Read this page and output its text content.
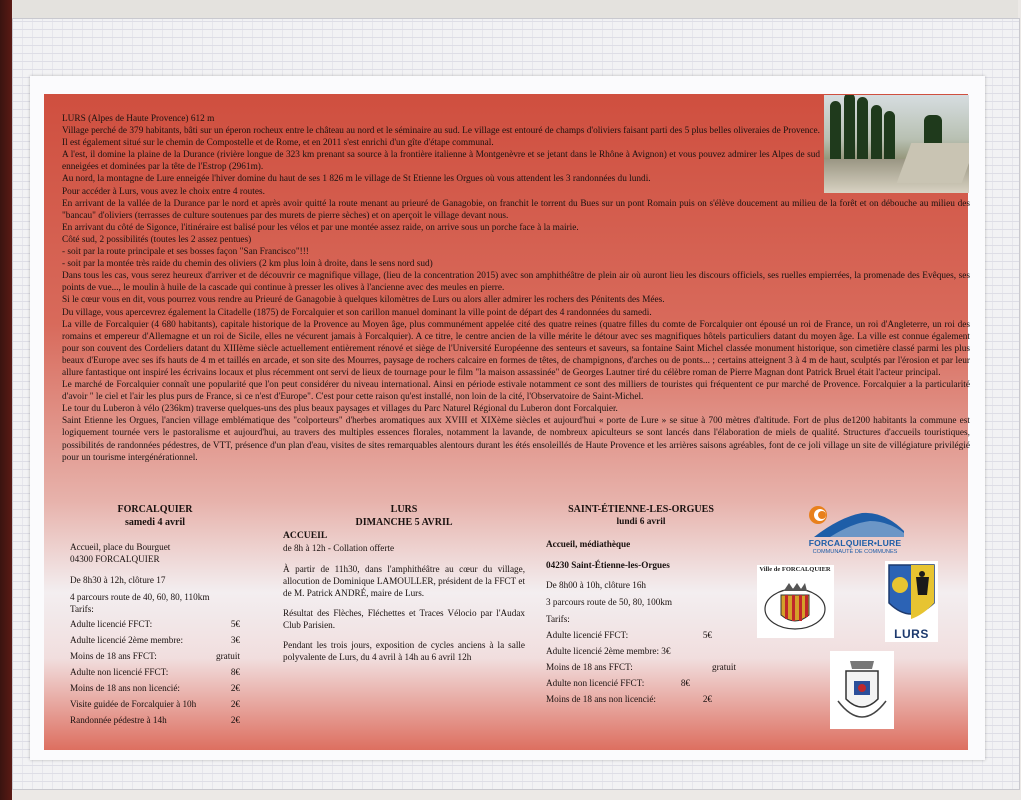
LURS (Alpes de Haute Provence) 612 m

Village perché de 379 habitants, bâti sur un éperon rocheux entre le château au nord et le séminaire au sud. Le village est entouré de champs d'oliviers faisant parti des 5 plus belles oliveraies de Provence. Il est également situé sur le chemin de Compostelle et de Rome, et en 2011 s'est enrichi d'un gîte d'étape communal.

A l'est, il domine la plaine de la Durance (rivière longue de 323 km prenant sa source à la frontière italienne à Montgenèvre et se jetant dans le Rhône à Avignon) et vous pouvez admirer les Alpes de sud enneigées et dominées par la tête de l'Estrop (2961m).

Au nord, la montagne de Lure enneigée l'hiver domine du haut de ses 1 826 m le village de St Etienne les Orgues où vous attendent les 3 randonnées du lundi.

Pour accéder à Lurs, vous avez le choix entre 4 routes.

En arrivant de la vallée de la Durance par le nord et après avoir quitté la route menant au prieuré de Ganagobie, on franchit le torrent du Bues sur un pont Romain puis on s'élève doucement au milieu de la forêt et on débouche au milieu des "bancau" d'oliviers (terrasses de culture soutenues par des murets de pierre sèches) et on aperçoit le village devant nous.

En arrivant du côté de Sigonce, l'itinéraire est balisé pour les vélos et par une montée assez raide, on arrive sous un porche face à la mairie.

Côté sud, 2 possibilités (toutes les 2 assez pentues)

- soit par la route principale et ses bosses façon "San Francisco"!!!

- soit par la montée très raide du chemin des oliviers (2 km plus loin à droite, dans le sens nord sud)

Dans tous les cas, vous serez heureux d'arriver et de découvrir ce magnifique village, (lieu de la concentration 2015) avec son amphithéâtre de plein air où auront lieu les discours officiels, ses ruelles empierrées, la promenade des Evêques, ses points de vue..., le moulin à huile de la cascade qui continue à presser les olives à l'ancienne avec des meules en pierre.

Si le cœur vous en dit, vous pourrez vous rendre au Prieuré de Ganagobie à quelques kilomètres de Lurs ou alors aller admirer les rochers des Pénitents des Mées.

Du village, vous apercevrez également la Citadelle (1875) de Forcalquier et son carillon manuel dominant la ville point de départ des 4 randonnées du samedi.

La ville de Forcalquier (4 680 habitants), capitale historique de la Provence au Moyen âge, plus communément appelée cité des quatre reines (quatre filles du comte de Forcalquier ont épousé un roi de France, un roi d'Angleterre, un roi des romains et empereur d'Allemagne et un roi de Sicile, elles ne vécurent jamais à Forcalquier). A ce titre, le centre ancien de la ville mérite le détour avec ses magnifiques hôtels particuliers datant du moyen âge. La ville est connue également pour son couvent des Cordeliers datant du XIIIème siècle actuellement entièrement rénové et siège de l'Université Européenne des senteurs et saveurs, sa fontaine Saint Michel classée monument historique, son cimetière classé parmi les plus beaux d'Europe avec ses ifs hauts de 4 m et taillés en arcade, et son site des Mourres, paysage de rochers calcaire en formes de têtes, de champignons, d'arches ou de ponts... ; certains atteignent 3 à 4 m de haut, sculptés par l'érosion et par leur allure fantastique ont inspiré les écrivains locaux et plus récemment ont servi de lieux de tournage pour le film "la maison assassinée" de Georges Lautner tiré du célèbre roman de Pierre Magnan dont Patrick Bruel était l'acteur principal.

Le marché de Forcalquier connaît une popularité que l'on peut considérer du niveau international. Ainsi en période estivale notamment ce sont des milliers de touristes qui fréquentent ce pur marché de Provence. Forcalquier a la particularité d'avoir " le ciel et l'air les plus purs de France, si ce n'est d'Europe". C'est pour cette raison qu'est installé, non loin de la cité, l'Observatoire de Saint-Michel.

Le tour du Luberon à vélo (236km) traverse quelques-uns des plus beaux paysages et villages du Parc Naturel Régional du Luberon dont Forcalquier.

Saint Etienne les Orgues, l'ancien village emblématique des "colporteurs" d'herbes aromatiques aux XVIII et XIXème siècles et aujourd'hui « porte de Lure » se situe à 700 mètres d'altitude. Fort de plus de1200 habitants la commune est logiquement tournée vers le pastoralisme et aujourd'hui, au travers des multiples essences florales, notamment la lavande, de nombreux apiculteurs se sont lancés dans l'élaboration de miels de qualité. Structures d'accueils touristiques, possibilités de randonnées pédestres, de VTT, présence d'un plan d'eau, visites de sites remarquables alentours durant les étés ensoleillés de Haute Provence et les arrières saisons agréables, font de ce joli village un site de villégiature privilégié pour un tourisme intergénérationnel.

FORCALQUIER
samedi 4 avril

Accueil, place du Bourguet

04300 FORCALQUIER

De 8h30 à 12h, clôture 17

4 parcours route de 40, 60, 80, 110km

Tarifs:

Adulte licencié FFCT:	5€
Adulte licencié 2ème membre:	3€
Moins de 18 ans FFCT:	gratuit
Adulte non licencié FFCT:	8€
Moins de 18 ans non licencié:	2€
Visite guidée de Forcalquier à 10h	2€
Randonnée pédestre à 14h	2€
LURS
DIMANCHE 5 AVRIL

ACCUEIL

de 8h à 12h - Collation offerte

À partir de 11h30, dans l'amphithéâtre au cœur du village, allocution de Dominique LAMOULLER, président de la FFCT et de M. Patrick ANDRÉ, maire de Lurs.

Résultat des Flèches, Fléchettes et Traces Vélocio par l'Audax Club Parisien.

Pendant les trois jours, exposition de cycles anciens à la salle polyvalente de Lurs, du 4 avril à 14h au 6 avril 12h

SAINT-ÉTIENNE-LES-ORGUES
lundi 6 avril

Accueil, médiathèque

04230 Saint-Étienne-les-Orgues

De 8h00 à 10h, clôture 16h

3 parcours route de 50, 80, 100km

Tarifs:

Adulte licencié FFCT:	5€
Adulte licencié 2ème membre: 3€
Moins de 18 ans FFCT:	gratuit
Adulte non licencié FFCT:	8€
Moins de 18 ans non licencié:	2€
FORCALQUIER•LURE
COMMUNAUTÉ DE COMMUNES
Ville de FORCALQUIER
LURS
